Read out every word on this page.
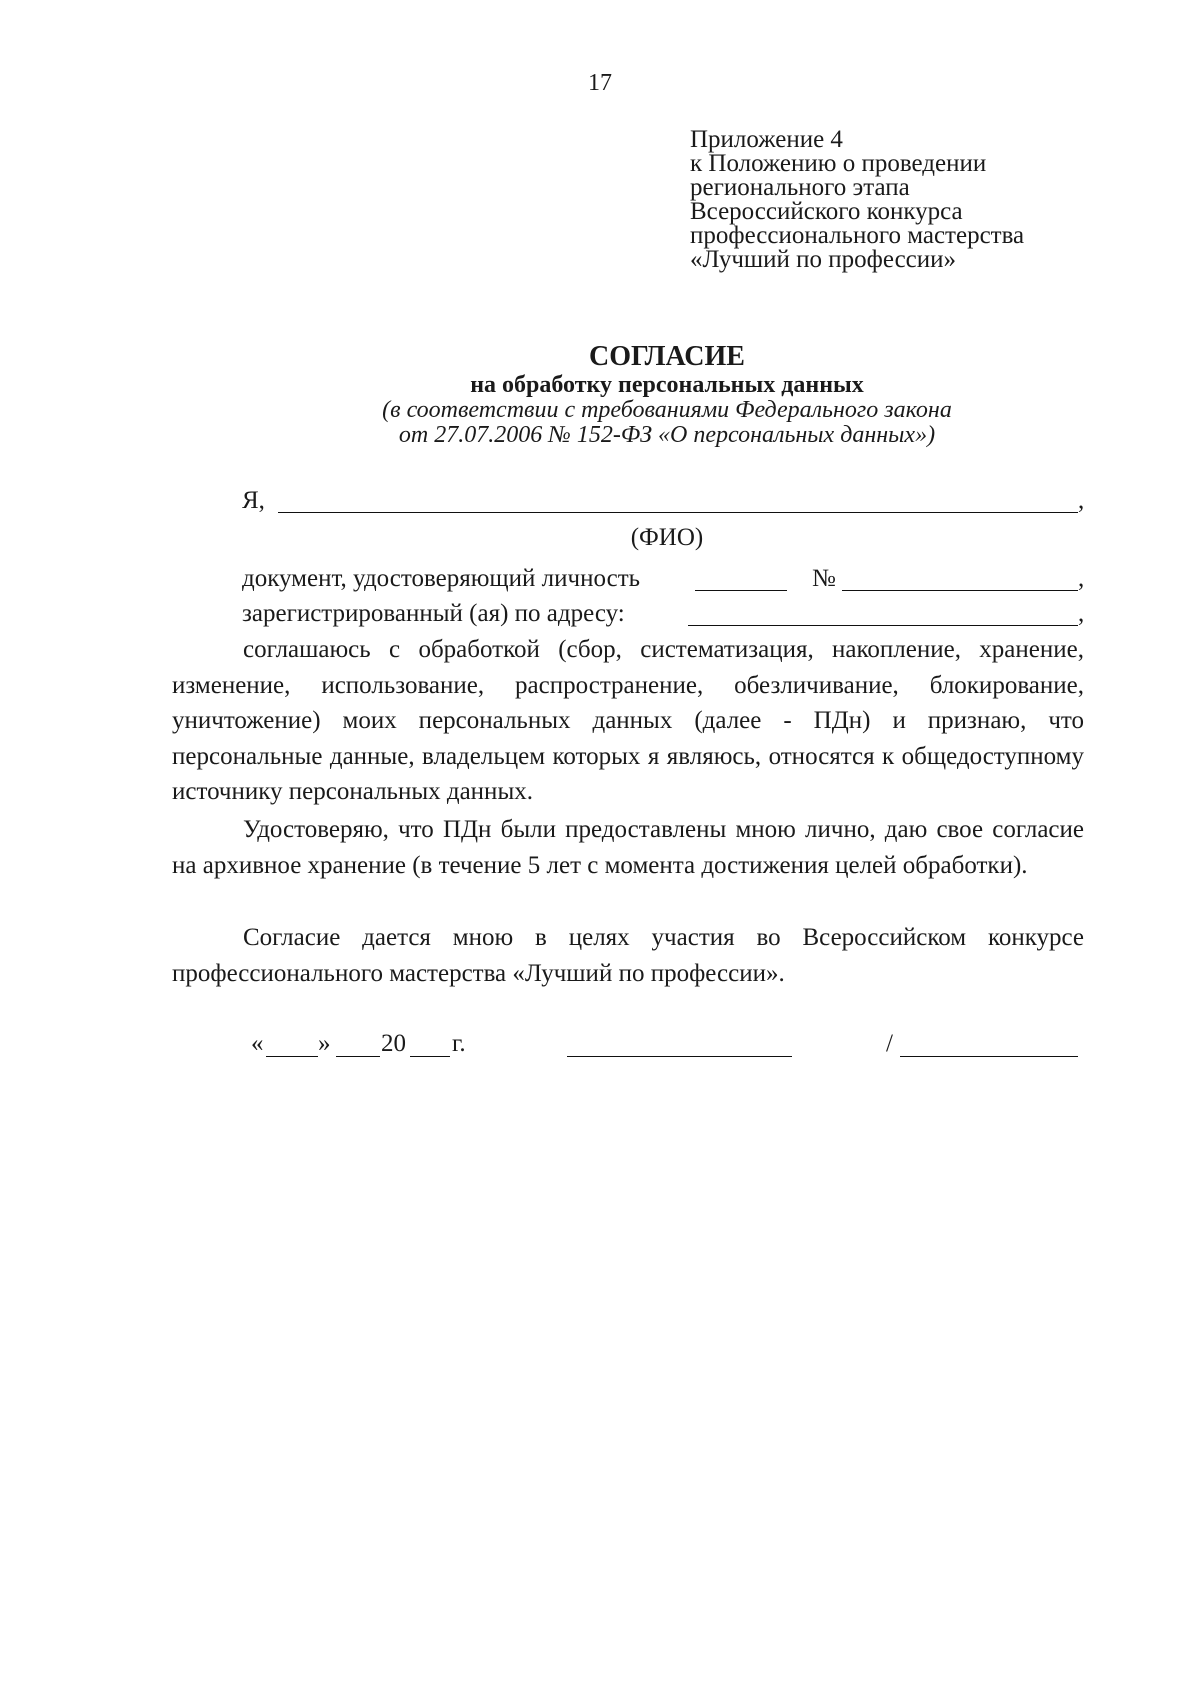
17
Приложение 4
к Положению о проведении
регионального этапа
Всероссийского конкурса
профессионального мастерства
«Лучший по профессии»
СОГЛАСИЕ
на обработку персональных данных
(в соответствии с требованиями Федерального закона
от 27.07.2006 № 152-ФЗ «О персональных данных»)
Я,	,
(ФИО)
документ, удостоверяющий личность	№	,
зарегистрированный (ая) по адресу:	,
соглашаюсь с обработкой (сбор, систематизация, накопление, хранение, изменение, использование, распространение, обезличивание, блокирование, уничтожение) моих персональных данных (далее - ПДн) и признаю, что персональные данные, владельцем которых я являюсь, относятся к общедоступному источнику персональных данных.
Удостоверяю, что ПДн были предоставлены мною лично, даю свое согласие на архивное хранение (в течение 5 лет с момента достижения целей обработки).
Согласие дается мною в целях участия во Всероссийском конкурсе профессионального мастерства «Лучший по профессии».
« » 20 г.	/
